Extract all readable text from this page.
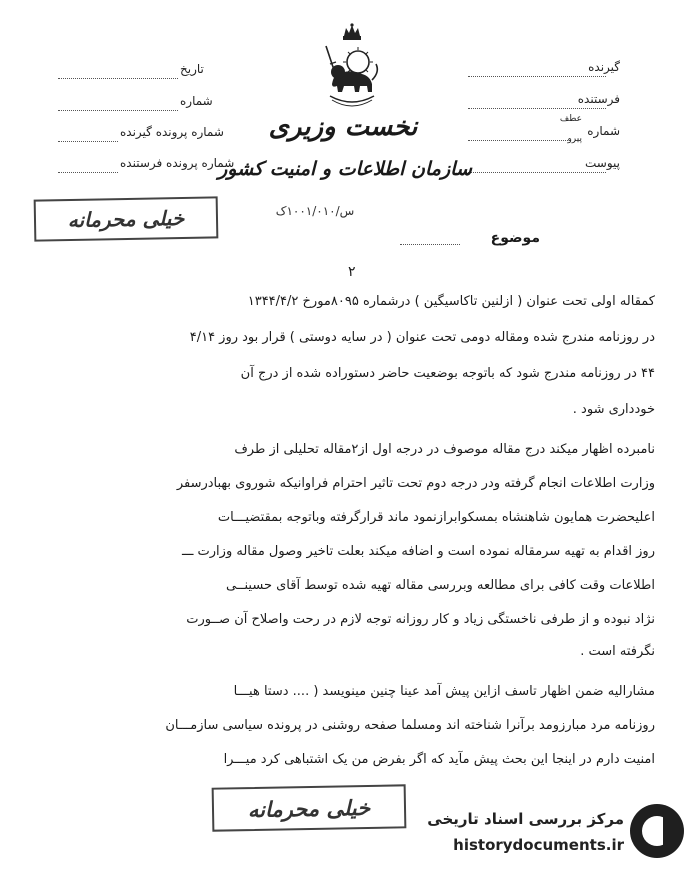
گیرنده
فرستنده
شماره
عطف
پیرو
پیوست
تاریخ
شماره
شماره پرونده گیرنده
شماره پرونده فرستنده
نخست وزیری
سازمان اطلاعات و امنیت کشور
س/۱۰۰۱/۰۱۰ک
خیلی محرمانه
موضوع
۲
کمقاله اولی تحت عنوان ( ازلنین تاکاسیگین ) درشماره ۸۰۹۵مورخ ۱۳۴۴/۴/۲
در روزنامه مندرج شده ومقاله دومی تحت عنوان ( در سایه دوستی ) قرار بود روز ۴/۱۴
۴۴ در روزنامه مندرج شود که باتوجه بوضعیت حاضر دستوراده شده از درج آن
خودداری شود .
نامبرده اظهار میکند درج مقاله موصوف در درجه اول از۲مقاله تحلیلی از طرف
وزارت اطلاعات انجام گرفته ودر درجه دوم تحت تاثیر احترام فراوانیکه شوروی بهبادرسفر
اعلیحضرت همایون شاهنشاه بمسکوابرازنمود ماند قرارگرفته وباتوجه بمقتضیـــات
روز اقدام به تهیه سرمقاله نموده است و اضافه میکند بعلت تاخیر وصول مقاله وزارت ـــ
اطلاعات وقت کافی برای مطالعه وبررسی مقاله تهیه شده توسط آقای حسینــی
نژاد نبوده و از طرفی ناخستگی زیاد و کار روزانه توجه لازم در رحت واصلاح آن صــورت
نگرفته است .
مشارالیه ضمن اظهار تاسف ازاین پیش آمد عینا چنین مینویسد ( .... دستا هیـــا
روزنامه مرد مبارزومد برآنرا شناخته اند ومسلما صفحه روشنی در پرونده سیاسی سازمـــان
امنیت دارم در اینجا این بحث پیش مآید که اگر بفرض من یک اشتباهی کرد میـــرا
خیلی محرمانه	مرکز بررسی اسناد تاریخی
historydocuments.ir
